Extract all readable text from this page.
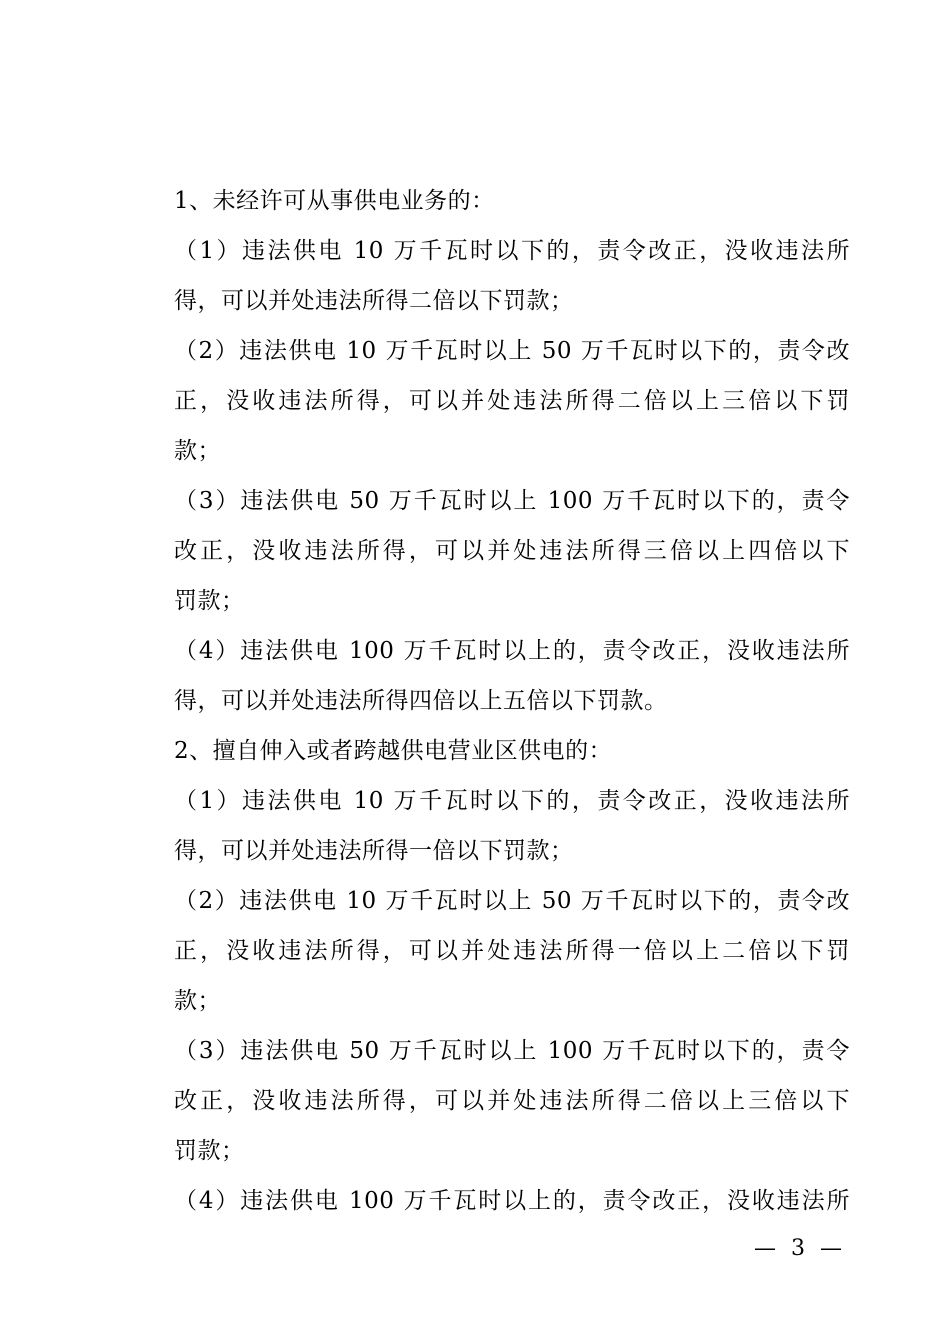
1、未经许可从事供电业务的：
（1）违法供电 10 万千瓦时以下的，责令改正，没收违法所
得，可以并处违法所得二倍以下罚款；
（2）违法供电 10 万千瓦时以上 50 万千瓦时以下的，责令改
正，没收违法所得，可以并处违法所得二倍以上三倍以下罚
款；
（3）违法供电 50 万千瓦时以上 100 万千瓦时以下的，责令
改正，没收违法所得，可以并处违法所得三倍以上四倍以下
罚款；
（4）违法供电 100 万千瓦时以上的，责令改正，没收违法所
得，可以并处违法所得四倍以上五倍以下罚款。
2、擅自伸入或者跨越供电营业区供电的：
（1）违法供电 10 万千瓦时以下的，责令改正，没收违法所
得，可以并处违法所得一倍以下罚款；
（2）违法供电 10 万千瓦时以上 50 万千瓦时以下的，责令改
正，没收违法所得，可以并处违法所得一倍以上二倍以下罚
款；
（3）违法供电 50 万千瓦时以上 100 万千瓦时以下的，责令
改正，没收违法所得，可以并处违法所得二倍以上三倍以下
罚款；
（4）违法供电 100 万千瓦时以上的，责令改正，没收违法所
— 3 —
